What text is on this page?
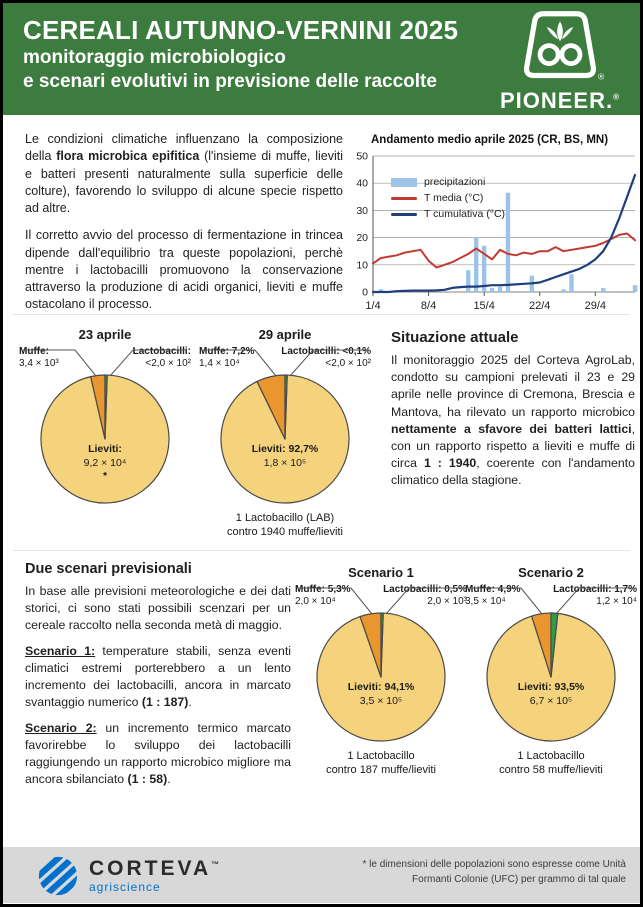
CEREALI AUTUNNO-VERNINI 2025
monitoraggio microbiologico
e scenari evolutivi in previsione delle raccolte	®
PIONEER.®

Le condizioni climatiche influenzano la composizione della flora microbica epifitica (l'insieme di muffe, lieviti e batteri presenti naturalmente sulla superficie delle colture), favorendo lo sviluppo di alcune specie rispetto ad altre.

Il corretto avvio del processo di fermentazione in trincea dipende dall'equilibrio tra queste popolazioni, perchè mentre i lactobacilli promuovono la conservazione attraverso la produzione di acidi organici, lieviti e muffe ostacolano il processo.

Andamento medio aprile 2025 (CR, BS, MN)
0
10
20
30
40
50
1/4	8/4	15/4	22/4	29/4
precipitazioni
T media (°C)
T cumulativa (°C)
23 aprile
Muffe:
3,4 × 10³
Lactobacilli:
<2,0 × 10²
Lieviti:
9,2 × 10⁴
*
29 aprile
Muffe: 7,2%
1,4 × 10⁴
Lactobacilli: <0,1%
<2,0 × 10²
Lieviti: 92,7%
1,8 × 10⁵
1 Lactobacillo (LAB)
contro 1940 muffe/lieviti
Situazione attuale
Il monitoraggio 2025 del Corteva AgroLab, condotto su campioni prelevati il 23 e 29 aprile nelle province di Cremona, Brescia e Mantova, ha rilevato un rapporto microbico nettamente a sfavore dei batteri lattici, con un rapporto rispetto a lieviti e muffe di circa 1 : 1940, coerente con l'andamento climatico della stagione.
Due scenari previsionali

In base alle previsioni meteorologiche e dei dati storici, ci sono stati possibili scenzari per un cereale raccolto nella seconda metà di maggio.

Scenario 1: temperature stabili, senza eventi climatici estremi porterebbero a un lento incremento dei lactobacilli, ancora in marcato svantaggio numerico (1 : 187).

Scenario 2: un incremento termico marcato favorirebbe lo sviluppo dei lactobacilli raggiungendo un rapporto microbico migliore ma ancora sbilanciato (1 : 58).

Scenario 1
Muffe: 5,3%
2,0 × 10⁴
Lactobacilli: 0,5%
2,0 × 10³
Lieviti: 94,1%
3,5 × 10⁵
1 Lactobacillo
contro 187 muffe/lieviti
Scenario 2
Muffe: 4,9%
3,5 × 10⁴
Lactobacilli: 1,7%
1,2 × 10⁴
Lieviti: 93,5%
6,7 × 10⁵
1 Lactobacillo
contro 58 muffe/lieviti
CORTEVA™
agriscience
* le dimensioni delle popolazioni sono espresse come Unità
Formanti Colonie (UFC) per grammo di tal quale
